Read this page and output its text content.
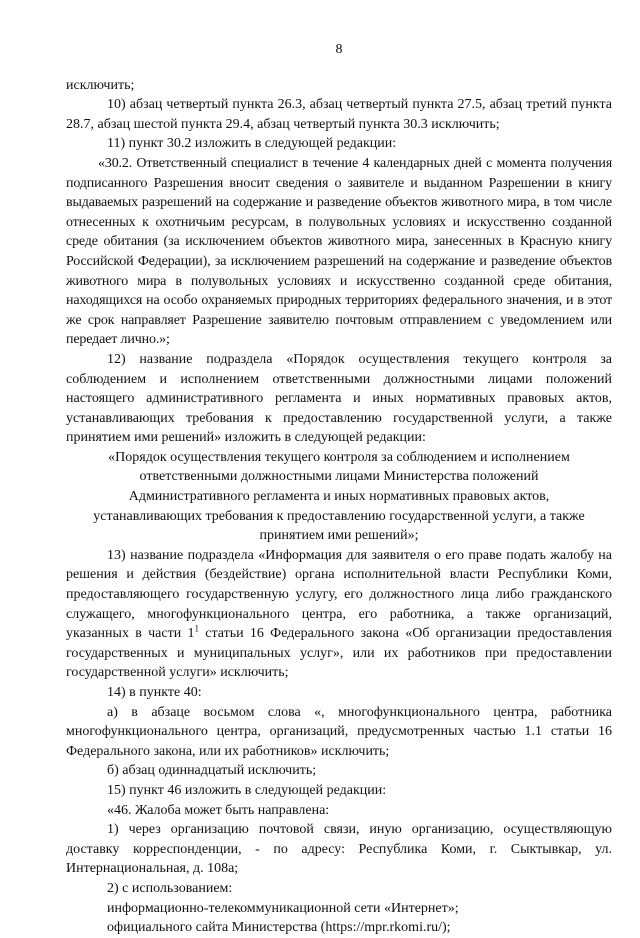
8

исключить;

10) абзац четвертый пункта 26.3, абзац четвертый пункта 27.5, абзац третий пункта 28.7, абзац шестой пункта 29.4, абзац четвертый пункта 30.3 исключить;

11) пункт 30.2 изложить в следующей редакции:

«30.2. Ответственный специалист в течение 4 календарных дней с момента получения подписанного Разрешения вносит сведения о заявителе и выданном Разрешении в книгу выдаваемых разрешений на содержание и разведение объектов животного мира, в том числе отнесенных к охотничьим ресурсам, в полувольных условиях и искусственно созданной среде обитания (за исключением объектов животного мира, занесенных в Красную книгу Российской Федерации), за исключением разрешений на содержание и разведение объектов животного мира в полувольных условиях и искусственно созданной среде обитания, находящихся на особо охраняемых природных территориях федерального значения, и в этот же срок направляет Разрешение заявителю почтовым отправлением с уведомлением или передает лично.»;

12) название подраздела «Порядок осуществления текущего контроля за соблюдением и исполнением ответственными должностными лицами положений настоящего административного регламента и иных нормативных правовых актов, устанавливающих требования к предоставлению государственной услуги, а также принятием ими решений» изложить в следующей редакции:

«Порядок осуществления текущего контроля за соблюдением и исполнением
ответственными должностными лицами Министерства положений
Административного регламента и иных нормативных правовых актов,
устанавливающих требования к предоставлению государственной услуги, а также
принятием ими решений»;

13) название подраздела «Информация для заявителя о его праве подать жалобу на решения и действия (бездействие) органа исполнительной власти Республики Коми, предоставляющего государственную услугу, его должностного лица либо гражданского служащего, многофункционального центра, его работника, а также организаций, указанных в части $1^1$ статьи 16 Федерального закона «Об организации предоставления государственных и муниципальных услуг», или их работников при предоставлении государственной услуги» исключить;

14) в пункте 40:

а) в абзаце восьмом слова «, многофункционального центра, работника многофункционального центра, организаций, предусмотренных частью 1.1 статьи 16 Федерального закона, или их работников» исключить;

б) абзац одиннадцатый исключить;

15) пункт 46 изложить в следующей редакции:

«46. Жалоба может быть направлена:

1) через организацию почтовой связи, иную организацию, осуществляющую доставку корреспонденции, - по адресу: Республика Коми, г. Сыктывкар, ул. Интернациональная, д. 108а;

2) с использованием:

информационно-телекоммуникационной сети «Интернет»;

официального сайта Министерства (https://mpr.rkomi.ru/);
